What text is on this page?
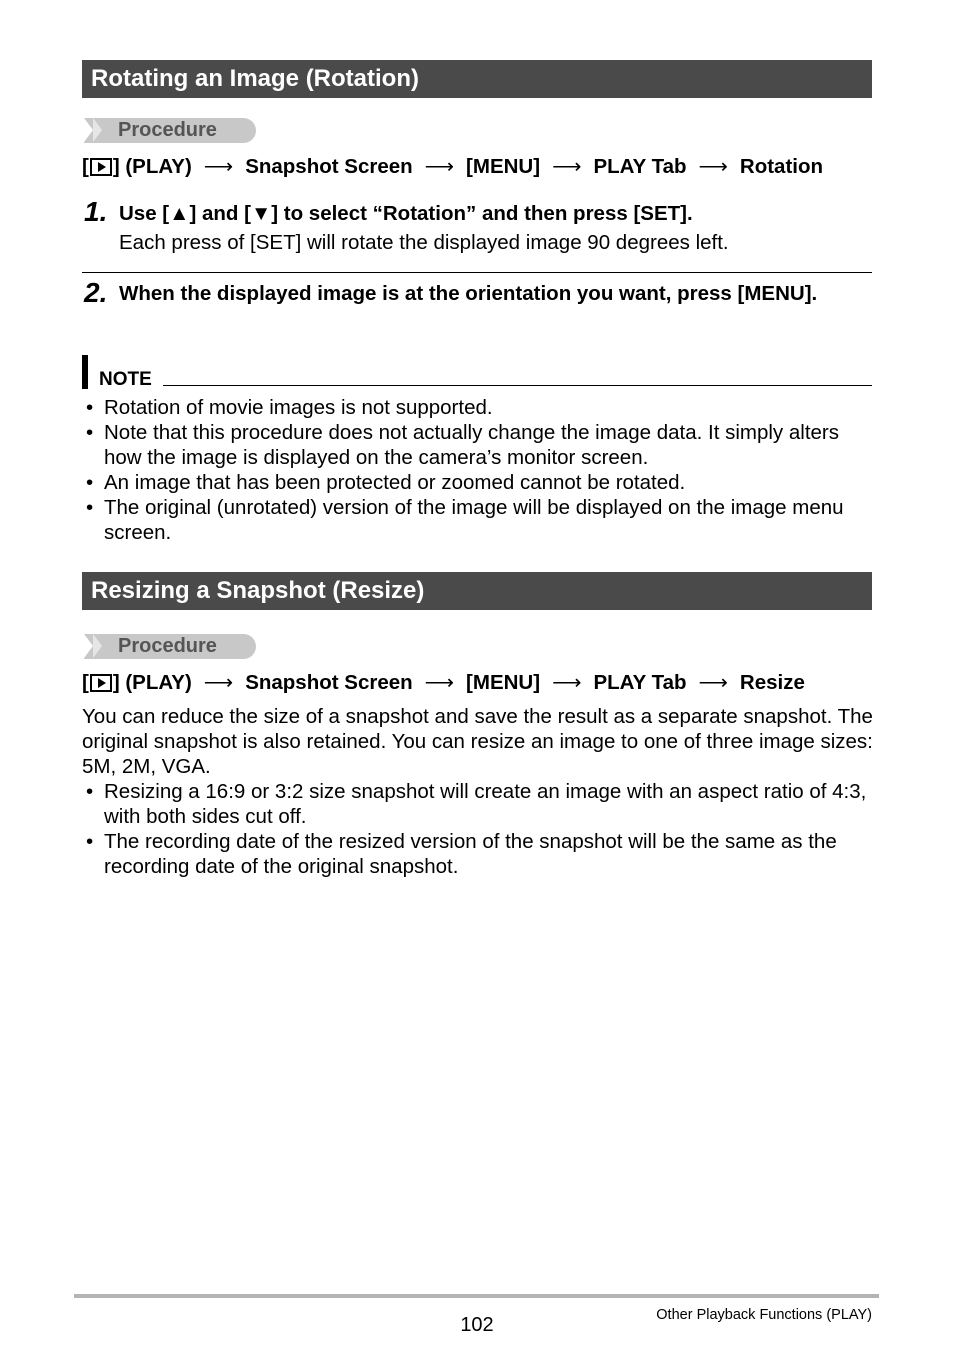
Rotating an Image (Rotation)
Procedure
[ ] (PLAY) ⟶ Snapshot Screen ⟶ [MENU] ⟶ PLAY Tab ⟶ Rotation
1. Use [▲] and [▼] to select “Rotation” and then press [SET].
Each press of [SET] will rotate the displayed image 90 degrees left.
2. When the displayed image is at the orientation you want, press [MENU].
NOTE
• Rotation of movie images is not supported.
• Note that this procedure does not actually change the image data. It simply alters how the image is displayed on the camera’s monitor screen.
• An image that has been protected or zoomed cannot be rotated.
• The original (unrotated) version of the image will be displayed on the image menu screen.
Resizing a Snapshot (Resize)
Procedure
[ ] (PLAY) ⟶ Snapshot Screen ⟶ [MENU] ⟶ PLAY Tab ⟶ Resize
You can reduce the size of a snapshot and save the result as a separate snapshot. The original snapshot is also retained. You can resize an image to one of three image sizes: 5M, 2M, VGA.
• Resizing a 16:9 or 3:2 size snapshot will create an image with an aspect ratio of 4:3, with both sides cut off.
• The recording date of the resized version of the snapshot will be the same as the recording date of the original snapshot.
102	Other Playback Functions (PLAY)
